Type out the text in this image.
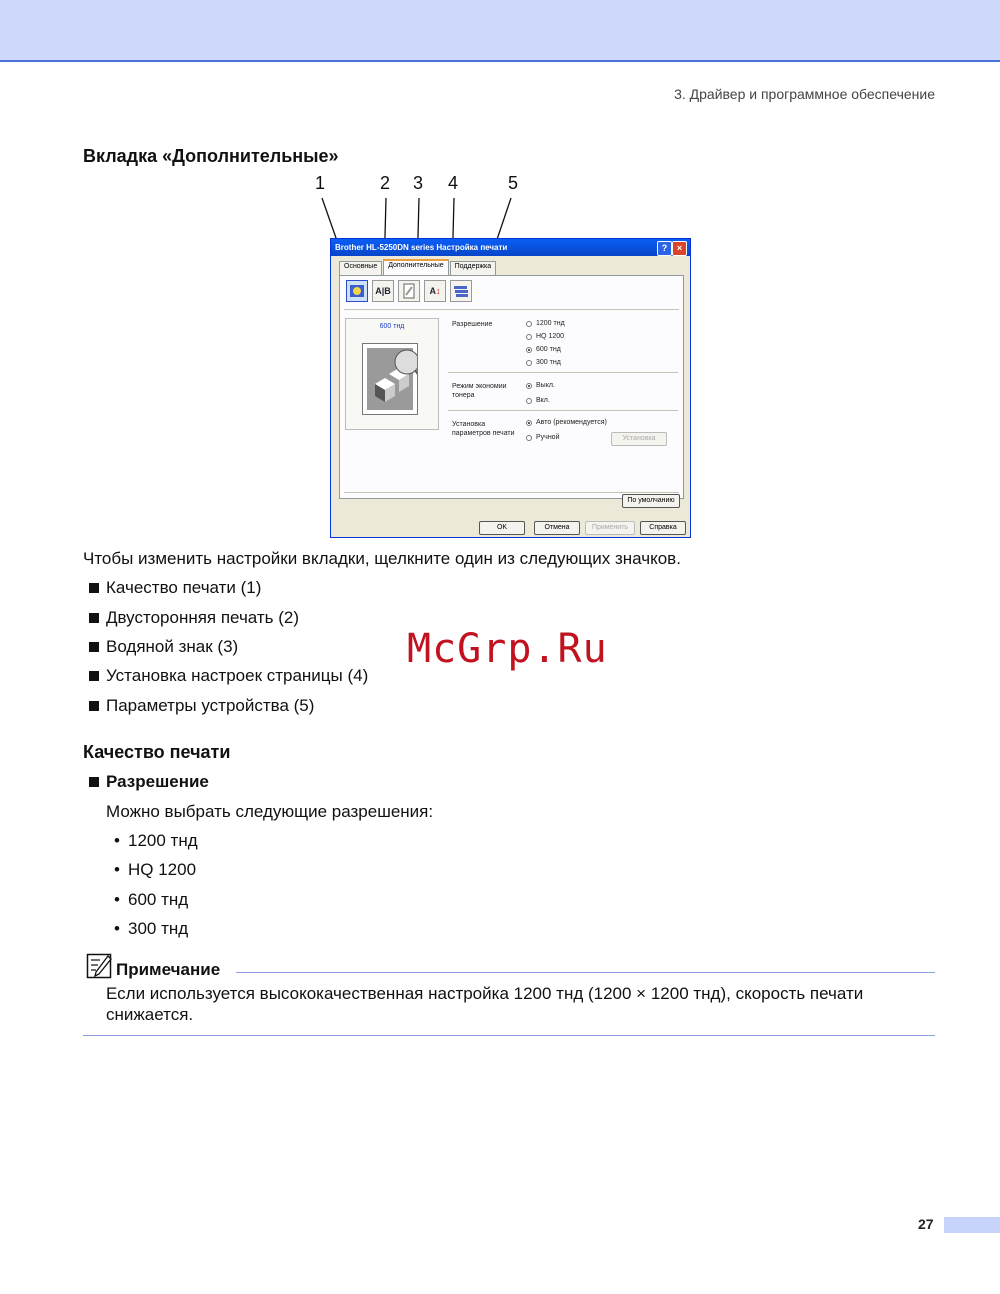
3. Драйвер и программное обеспечение
Вкладка «Дополнительные»
1	2 3 4	5
Brother HL-5250DN series Настройка печати	?	×
Основные	Дополнительные	Поддержка
A|B	A ↕
600 тнд	Разрешение	1200 тнд
HQ 1200
600 тнд
300 тнд
Режим экономии тонера
Выкл.
Вкл.
Установка параметров печати
Авто (рекомендуется)
Ручной	Установка
По умолчанию
OK	Отмена	Применить	Справка
Чтобы изменить настройки вкладки, щелкните один из следующих значков.
Качество печати (1)
Двусторонняя печать (2)
Водяной знак (3)
Установка настроек страницы (4)
Параметры устройства (5)
McGrp.Ru
Качество печати
Разрешение
Можно выбрать следующие разрешения:
• 1200 тнд
• HQ 1200
• 600 тнд
• 300 тнд
Примечание
Если используется высококачественная настройка 1200 тнд (1200 × 1200 тнд), скорость печати
снижается.
27
